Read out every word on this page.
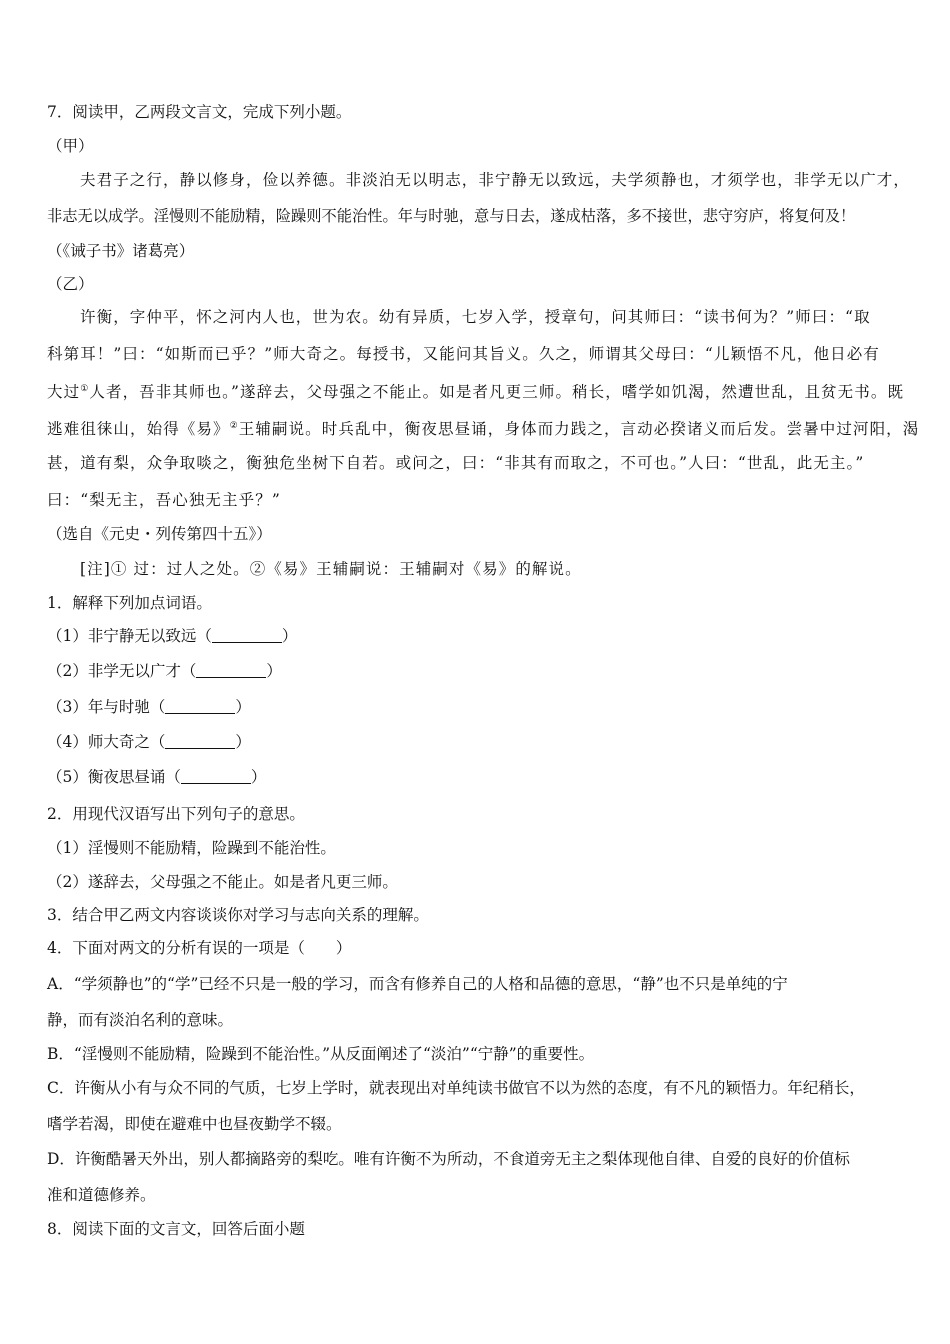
7．阅读甲，乙两段文言文，完成下列小题。
（甲）
夫君子之行，静以修身，俭以养德。非淡泊无以明志，非宁静无以致远，夫学须静也，才须学也，非学无以广才，
非志无以成学。淫慢则不能励精，险躁则不能治性。年与时驰，意与日去，遂成枯落，多不接世，悲守穷庐，将复何及！
（《诫子书》诸葛亮）
（乙）
许衡，字仲平，怀之河内人也，世为农。幼有异质，七岁入学，授章句，问其师曰：“读书何为？”师曰：“取
科第耳！”曰：“如斯而已乎？”师大奇之。每授书，又能问其旨义。久之，师谓其父母曰：“儿颖悟不凡，他日必有
大过①人者，吾非其师也。”遂辞去，父母强之不能止。如是者凡更三师。稍长，嗜学如饥渴，然遭世乱，且贫无书。既
逃难徂徕山，始得《易》②王辅嗣说。时兵乱中，衡夜思昼诵，身体而力践之，言动必揆诸义而后发。尝暑中过河阳，渴
甚，道有梨，众争取啖之，衡独危坐树下自若。或问之，曰：“非其有而取之，不可也。”人曰：“世乱，此无主。”
曰：“梨无主，吾心独无主乎？”
（选自《元史・列传第四十五》）
[注]① 过：过人之处。②《易》王辅嗣说：王辅嗣对《易》的解说。
1．解释下列加点词语。
（1）非宁静无以致远（	）
（2）非学无以广才（	）
（3）年与时驰（	）
（4）师大奇之（	）
（5）衡夜思昼诵（	）
2．用现代汉语写出下列句子的意思。
（1）淫慢则不能励精，险躁到不能治性。
（2）遂辞去，父母强之不能止。如是者凡更三师。
3．结合甲乙两文内容谈谈你对学习与志向关系的理解。
4．下面对两文的分析有误的一项是（　　）
A．“学须静也”的“学”已经不只是一般的学习，而含有修养自己的人格和品德的意思，“静”也不只是单纯的宁
静，而有淡泊名利的意味。
B．“淫慢则不能励精，险躁到不能治性。”从反面阐述了“淡泊”“宁静”的重要性。
C．许衡从小有与众不同的气质，七岁上学时，就表现出对单纯读书做官不以为然的态度，有不凡的颖悟力。年纪稍长，
嗜学若渴，即使在避难中也昼夜勤学不辍。
D．许衡酷暑天外出，别人都摘路旁的梨吃。唯有许衡不为所动，不食道旁无主之梨体现他自律、自爱的良好的价值标
准和道德修养。
8．阅读下面的文言文，回答后面小题
